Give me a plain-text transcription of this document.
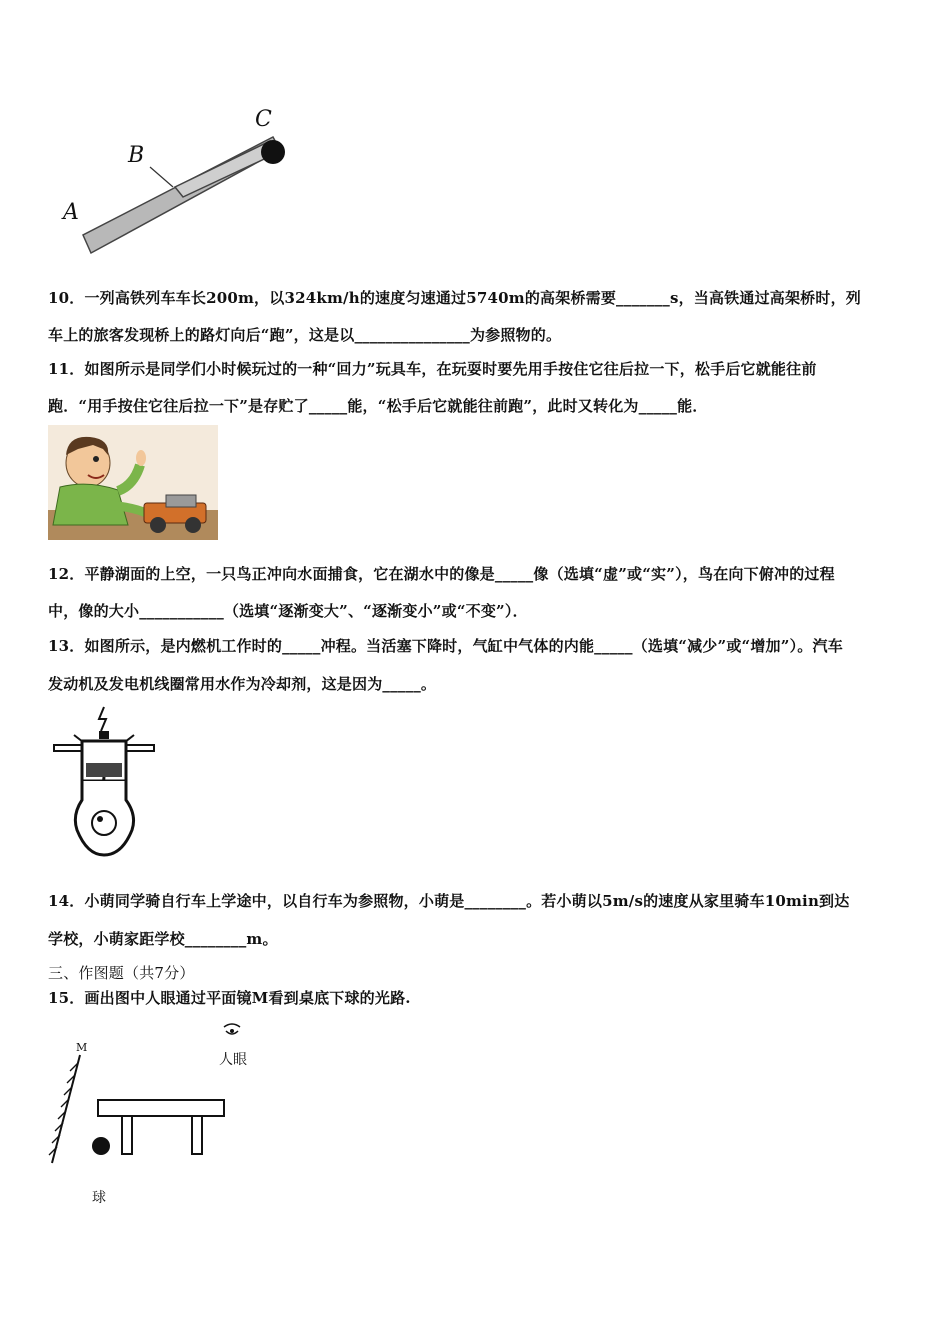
A
B
C
10．一列高铁列车车长200m，以324km/h的速度匀速通过5740m的高架桥需要_______s，当高铁通过高架桥时，列
车上的旅客发现桥上的路灯向后“跑”，这是以_______________为参照物的。
11．如图所示是同学们小时候玩过的一种“回力”玩具车，在玩耍时要先用手按住它往后拉一下，松手后它就能往前
跑．“用手按住它往后拉一下”是存贮了_____能，“松手后它就能往前跑”，此时又转化为_____能．
12．平静湖面的上空，一只鸟正冲向水面捕食，它在湖水中的像是_____像（选填“虚”或“实”），鸟在向下俯冲的过程
中，像的大小___________（选填“逐渐变大”、“逐渐变小”或“不变”）．
13．如图所示，是内燃机工作时的_____冲程。当活塞下降时，气缸中气体的内能_____（选填“减少”或“增加”）。汽车
发动机及发电机线圈常用水作为冷却剂，这是因为_____。
14．小萌同学骑自行车上学途中，以自行车为参照物，小萌是________。若小萌以5m/s的速度从家里骑车10min到达
学校，小萌家距学校________m。
三、作图题（共7分）
15．画出图中人眼通过平面镜M看到桌底下球的光路.
M
人眼
球
